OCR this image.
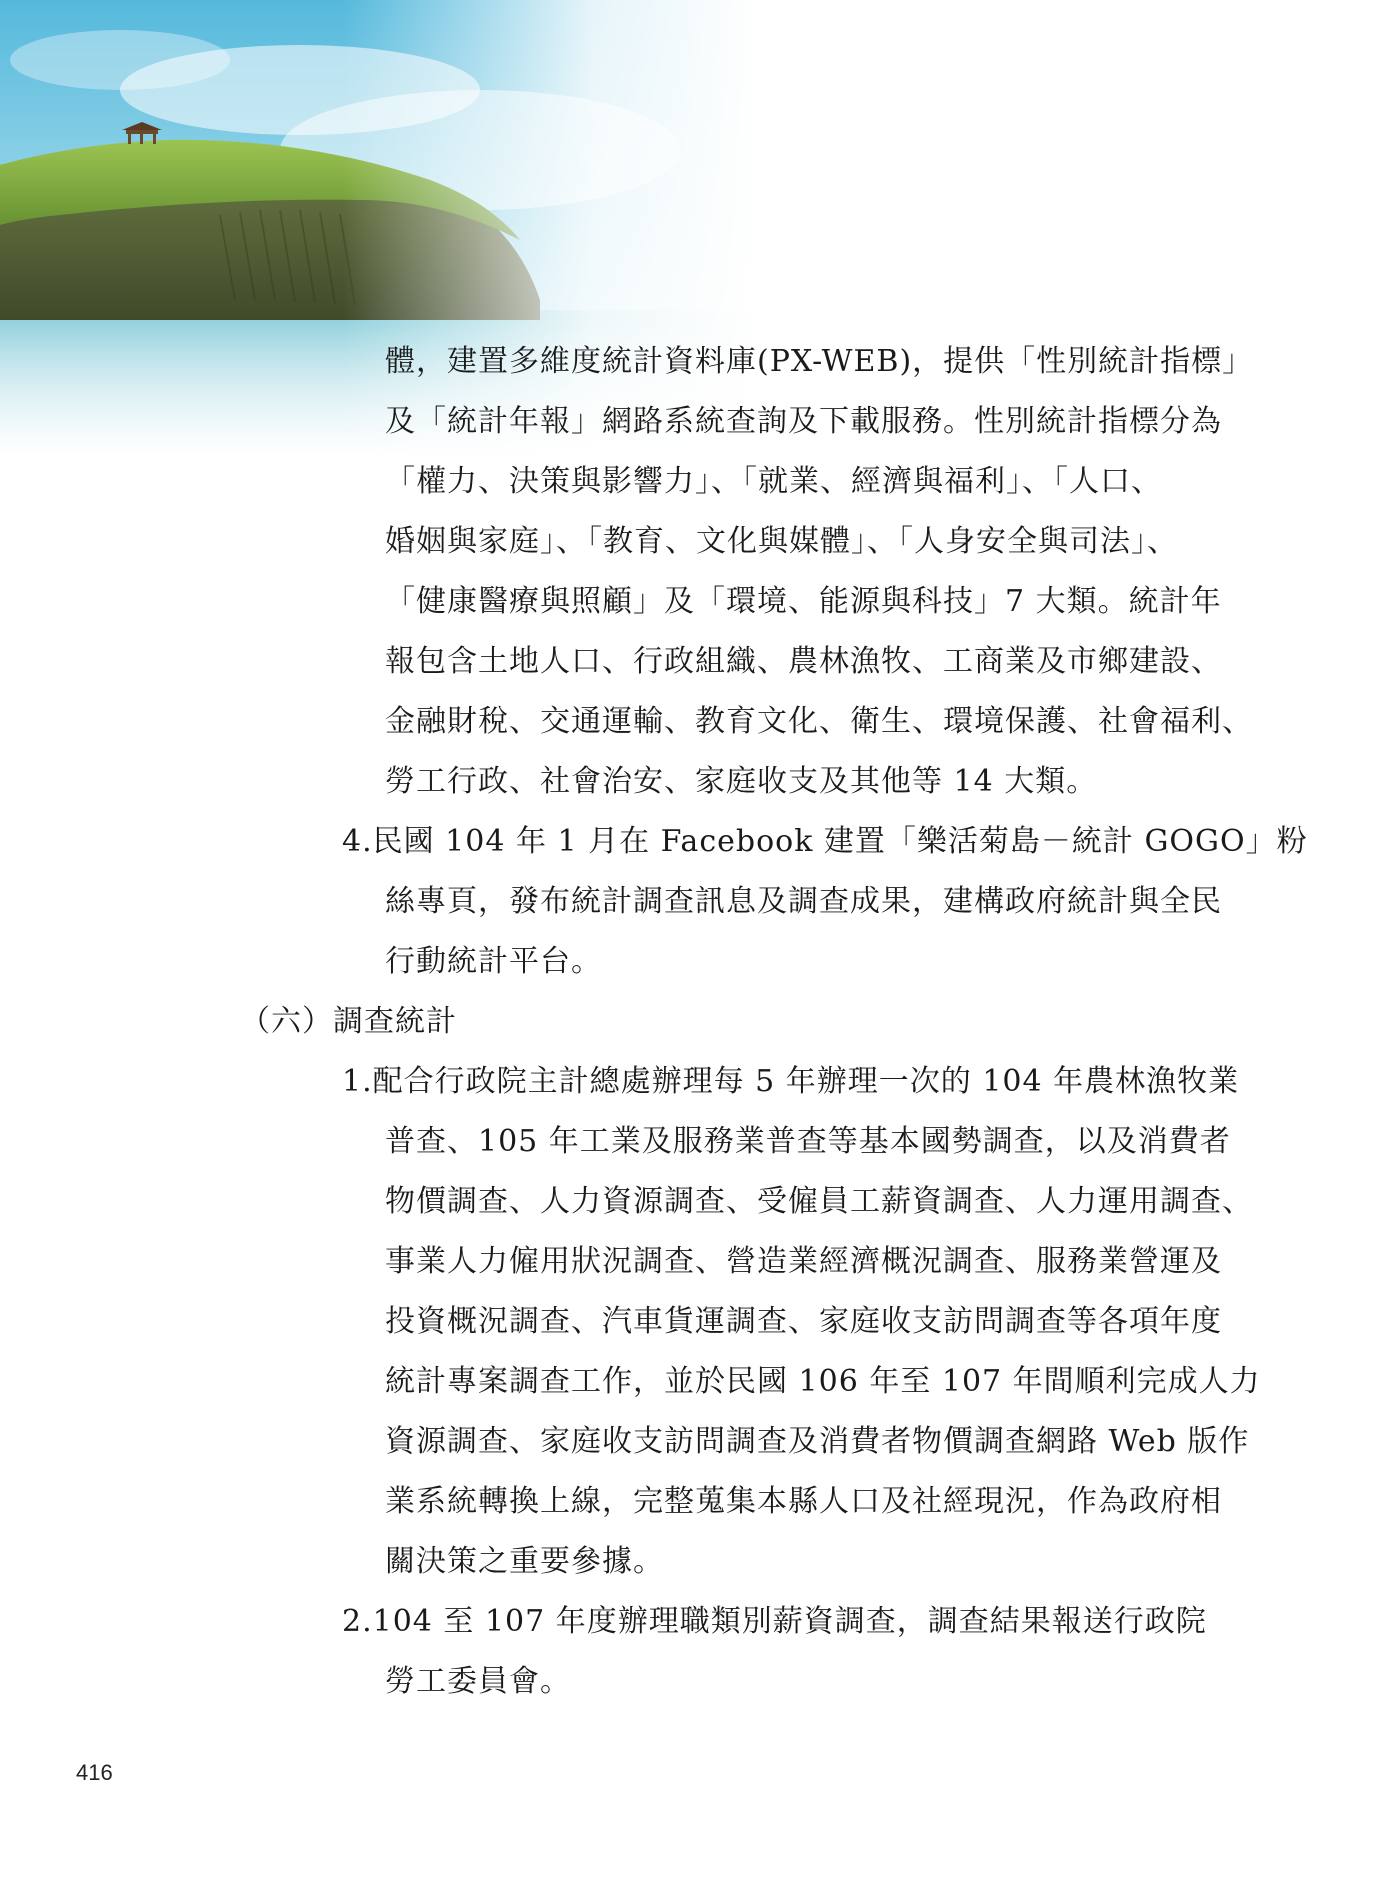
體，建置多維度統計資料庫(PX-WEB)，提供「性別統計指標」
及「統計年報」網路系統查詢及下載服務。性別統計指標分為
「權力、決策與影響力」、「就業、經濟與福利」、「人口、
婚姻與家庭」、「教育、文化與媒體」、「人身安全與司法」、
「健康醫療與照顧」及「環境、能源與科技」7 大類。統計年
報包含土地人口、行政組織、農林漁牧、工商業及市鄉建設、
金融財稅、交通運輸、教育文化、衛生、環境保護、社會福利、
勞工行政、社會治安、家庭收支及其他等 14 大類。
4.民國 104 年 1 月在 Facebook 建置「樂活菊島－統計 GOGO」粉
絲專頁，發布統計調查訊息及調查成果，建構政府統計與全民
行動統計平台。
（六）調查統計
1.配合行政院主計總處辦理每 5 年辦理一次的 104 年農林漁牧業
普查、105 年工業及服務業普查等基本國勢調查，以及消費者
物價調查、人力資源調查、受僱員工薪資調查、人力運用調查、
事業人力僱用狀況調查、營造業經濟概況調查、服務業營運及
投資概況調查、汽車貨運調查、家庭收支訪問調查等各項年度
統計專案調查工作，並於民國 106 年至 107 年間順利完成人力
資源調查、家庭收支訪問調查及消費者物價調查網路 Web 版作
業系統轉換上線，完整蒐集本縣人口及社經現況，作為政府相
關決策之重要參據。
2.104 至 107 年度辦理職類別薪資調查，調查結果報送行政院
勞工委員會。
416
